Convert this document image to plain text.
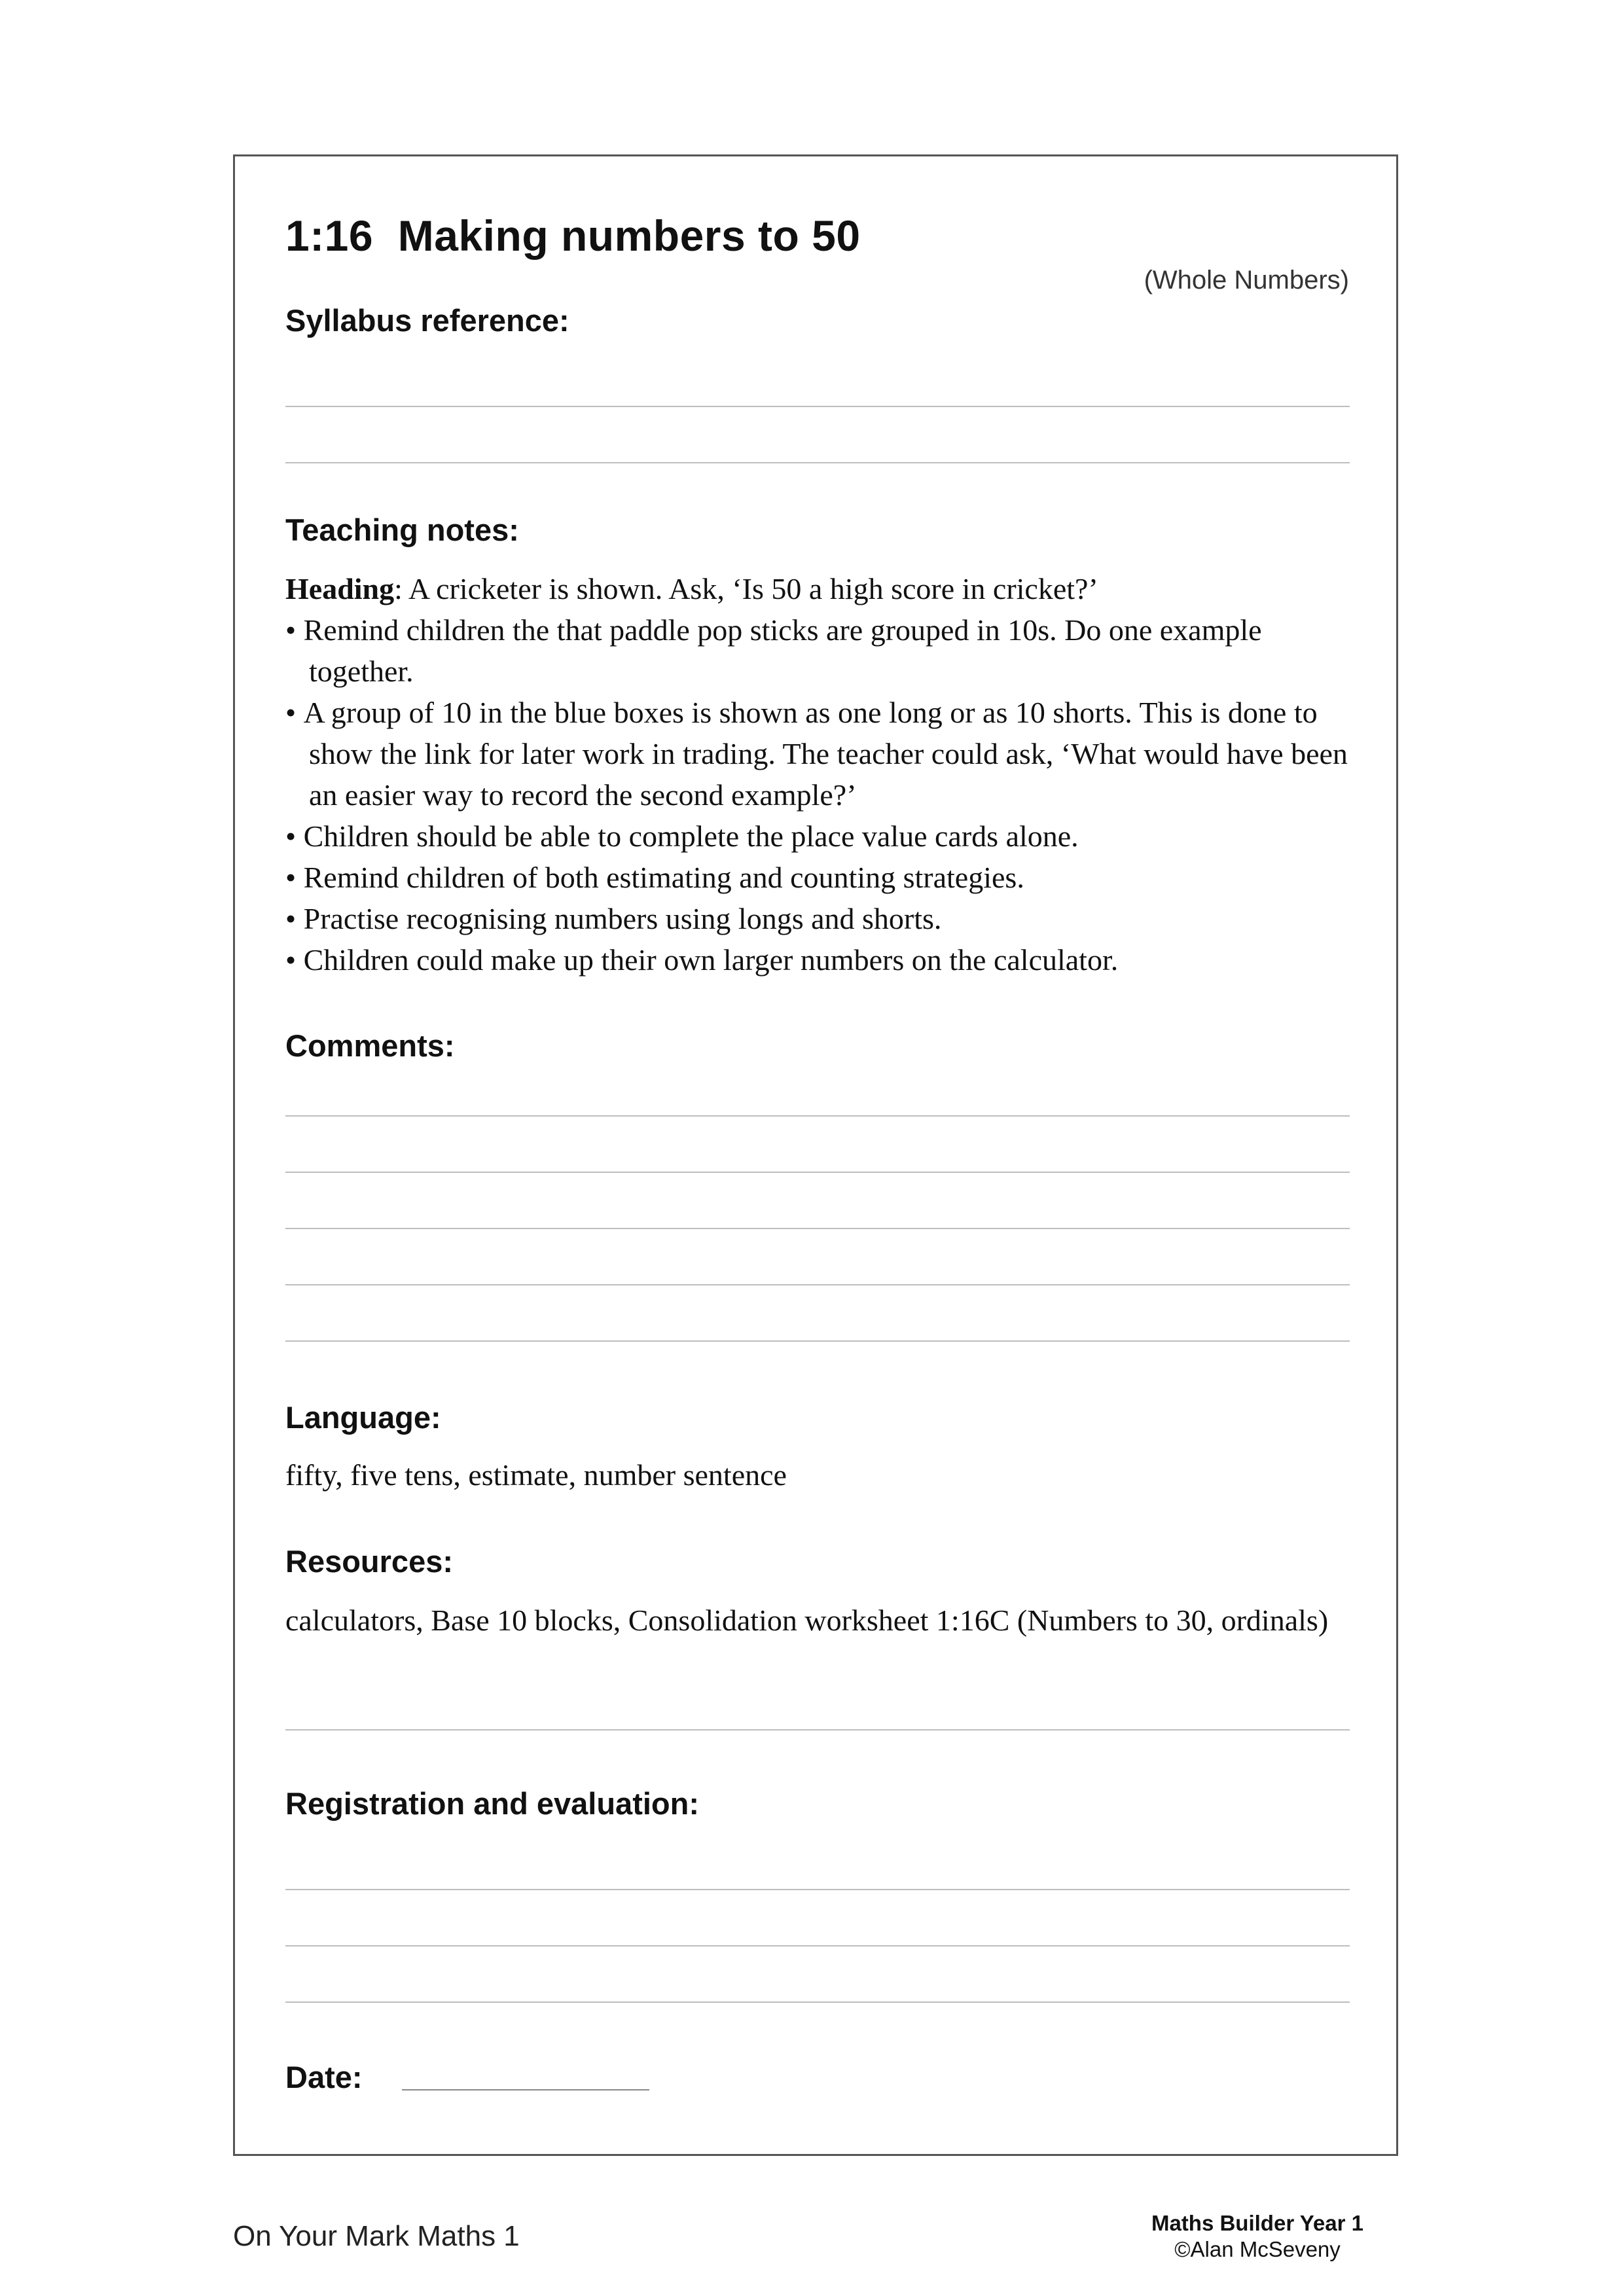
1:16  Making numbers to 50
(Whole Numbers)
Syllabus reference:
Teaching notes:

Heading: A cricketer is shown. Ask, ‘Is 50 a high score in cricket?’

• Remind children the that paddle pop sticks are grouped in 10s. Do one example together.

• A group of 10 in the blue boxes is shown as one long or as 10 shorts. This is done to show the link for later work in trading. The teacher could ask, ‘What would have been an easier way to record the second example?’

• Children should be able to complete the place value cards alone.

• Remind children of both estimating and counting strategies.

• Practise recognising numbers using longs and shorts.

• Children could make up their own larger numbers on the calculator.

Comments:
Language:
fifty, five tens, estimate, number sentence
Resources:
calculators, Base 10 blocks, Consolidation worksheet 1:16C (Numbers to 30, ordinals)
Registration and evaluation:
Date:
On Your Mark Maths 1	Maths Builder Year 1
©Alan McSeveny
